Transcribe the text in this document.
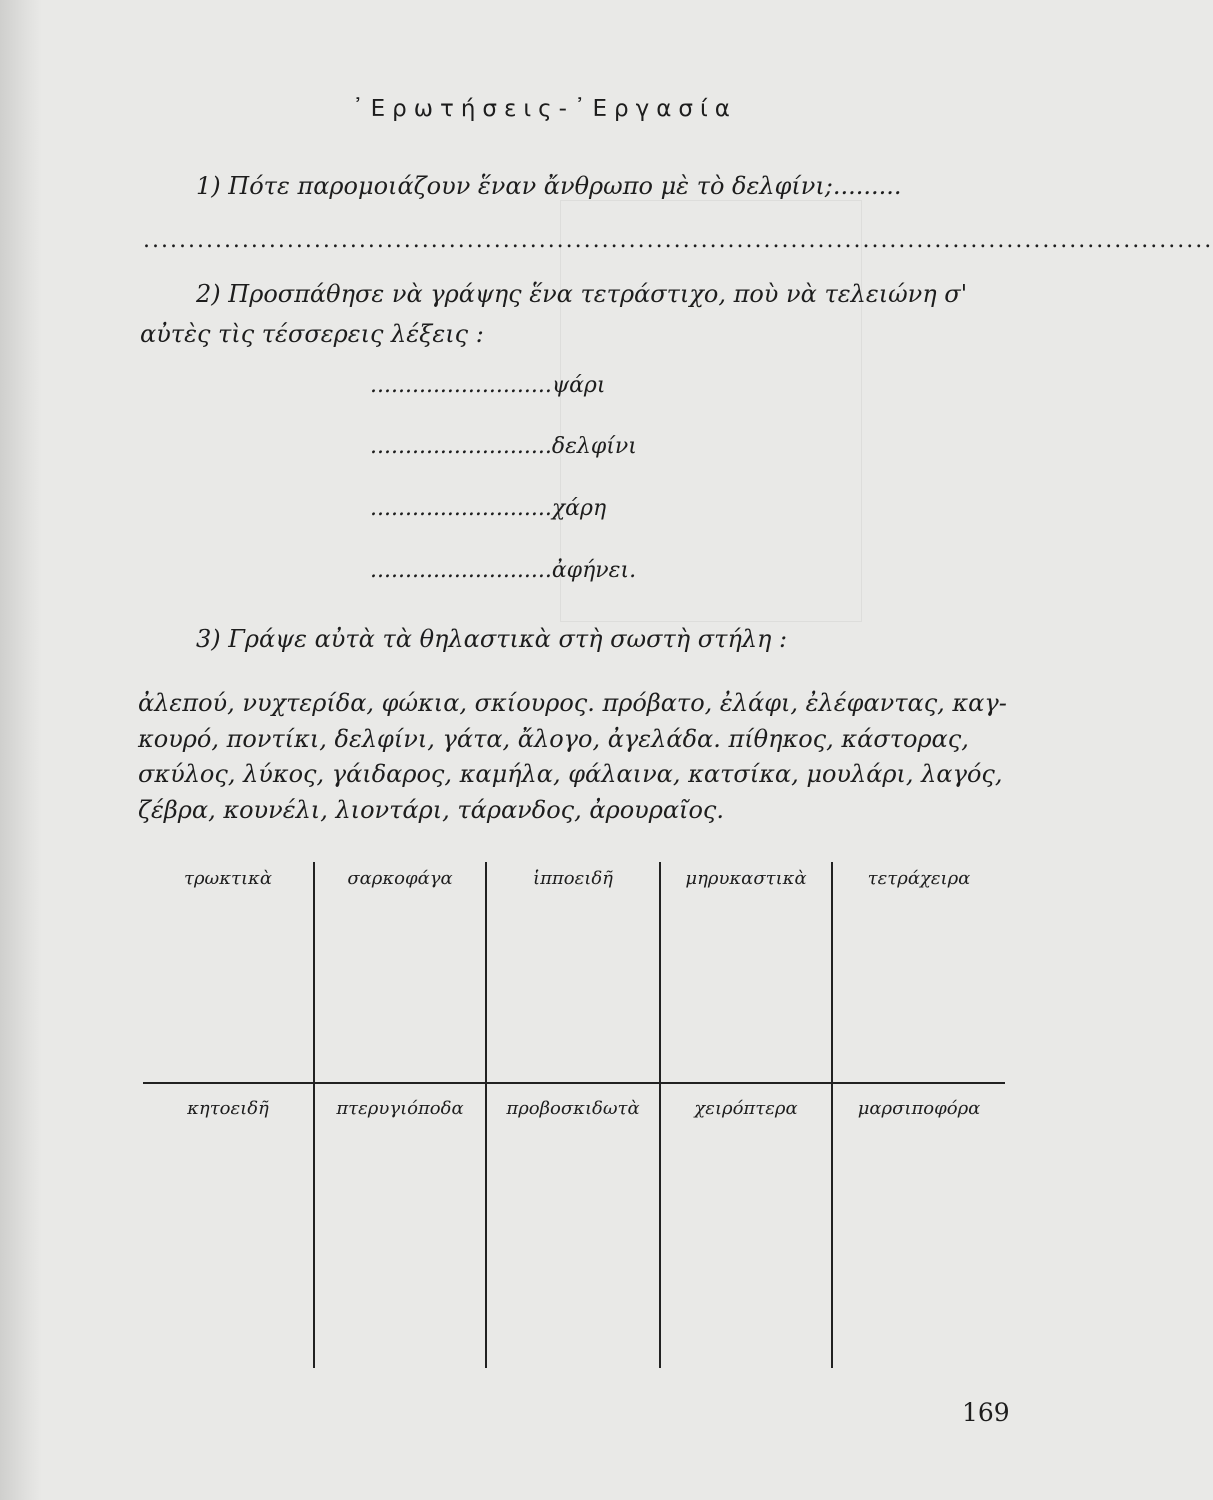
᾿Ερωτήσεις-᾿Εργασία
1) Πότε παρομοιάζουν ἕναν ἄνθρωπο μὲ τὸ δελφίνι;.........
.......................................................................................................................
2) Προσπάθησε νὰ γράψης ἕνα τετράστιχο, ποὺ νὰ τελειώνη σ'
αὐτὲς τὶς τέσσερεις λέξεις :
..........................ψάρι
..........................δελφίνι
..........................χάρη
..........................ἀφήνει.
3) Γράψε αὐτὰ τὰ θηλαστικὰ στὴ σωστὴ στήλη :
ἀλεπού, νυχτερίδα, φώκια, σκίουρος. πρόβατο, ἐλάφι, ἐλέφαντας, καγ-
κουρό, ποντίκι, δελφίνι, γάτα, ἄλογο, ἀγελάδα. πίθηκος, κάστορας,
σκύλος, λύκος, γάιδαρος, καμήλα, φάλαινα, κατσίκα, μουλάρι, λαγός,
ζέβρα, κουνέλι, λιοντάρι, τάρανδος, ἀρουραῖος.
τρωκτικὰ	σαρκοφάγα	ἱπποειδῆ	μηρυκαστικὰ	τετράχειρα
κητοειδῆ	πτερυγιόποδα	προβοσκιδωτὰ	χειρόπτερα	μαρσιποφόρα
169
